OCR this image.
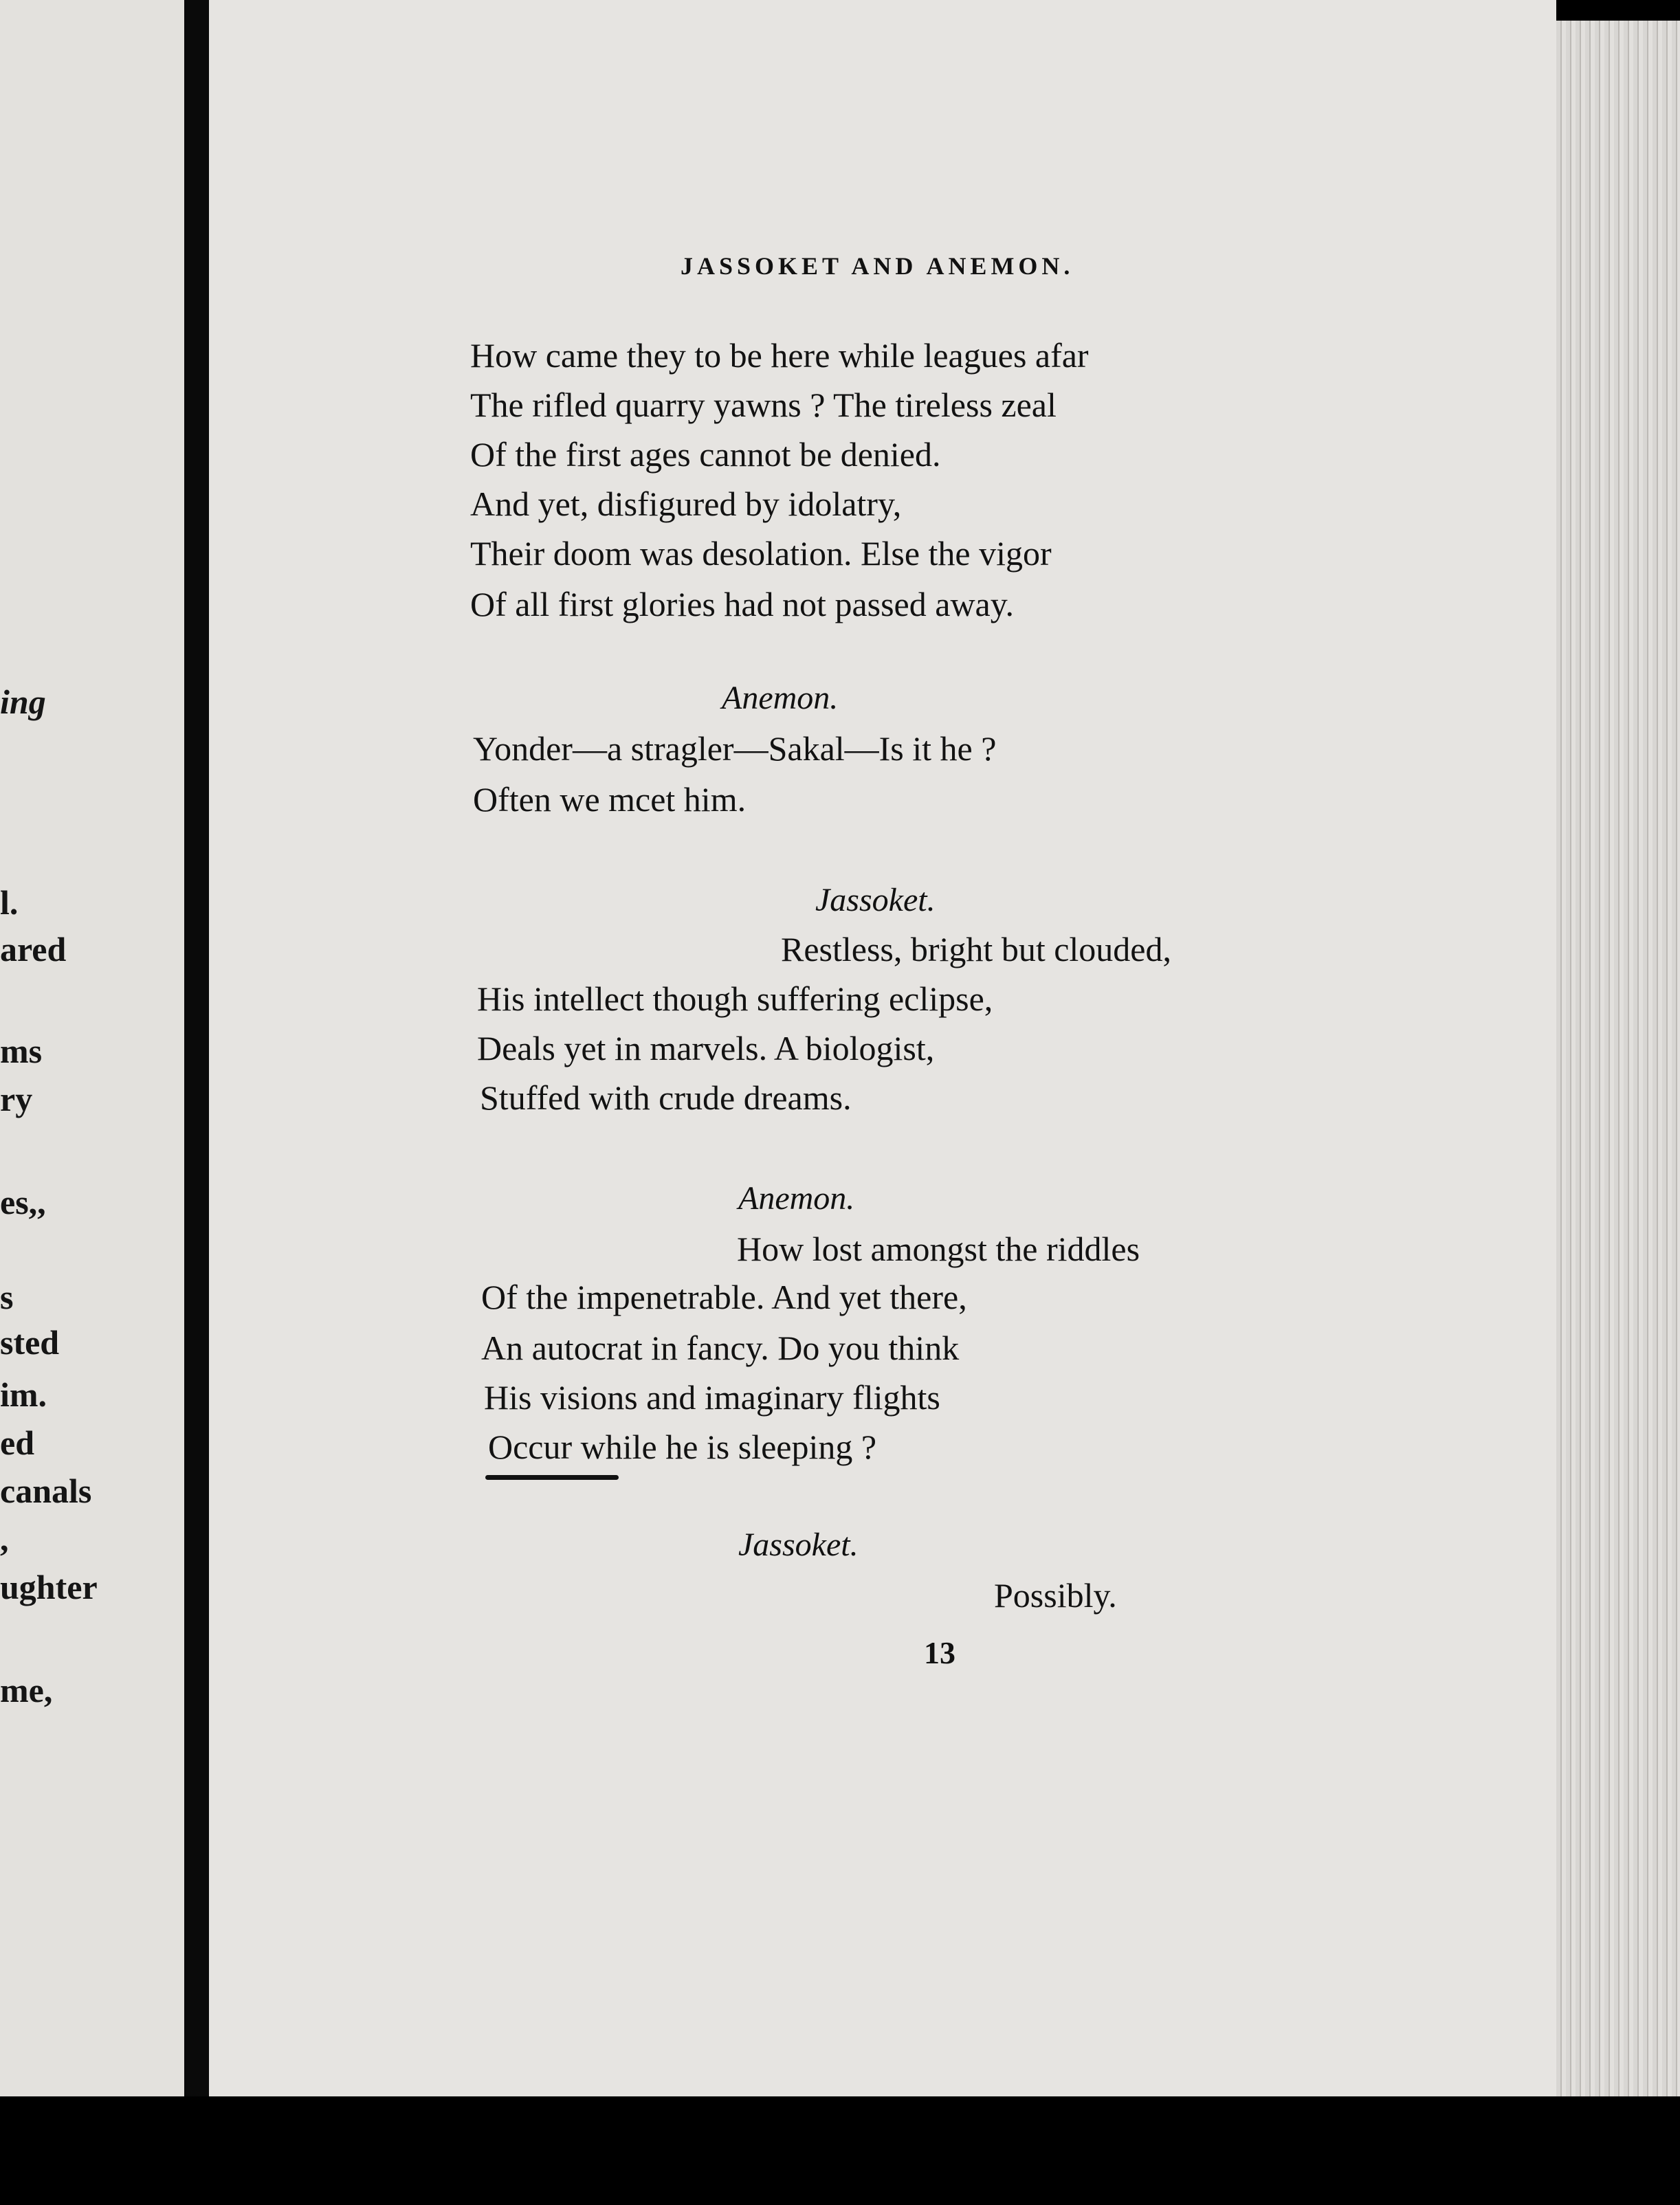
ing
l.
ared
ms
ry
es,,
s
sted
im.
ed
canals
,
ughter
me,
JASSOKET AND ANEMON.
How came they to be here while leagues afar
The rifled quarry yawns ? The tireless zeal
Of the first ages cannot be denied.
And yet, disfigured by idolatry,
Their doom was desolation. Else the vigor
Of all first glories had not passed away.
Anemon.
Yonder—a stragler—Sakal—Is it he ?
Often we mcet him.
Jassoket.
Restless, bright but clouded,
His intellect though suffering eclipse,
Deals yet in marvels. A biologist,
Stuffed with crude dreams.
Anemon.
How lost amongst the riddles
Of the impenetrable. And yet there,
An autocrat in fancy. Do you think
His visions and imaginary flights
Occur while he is sleeping ?
Jassoket.
Possibly.
13
